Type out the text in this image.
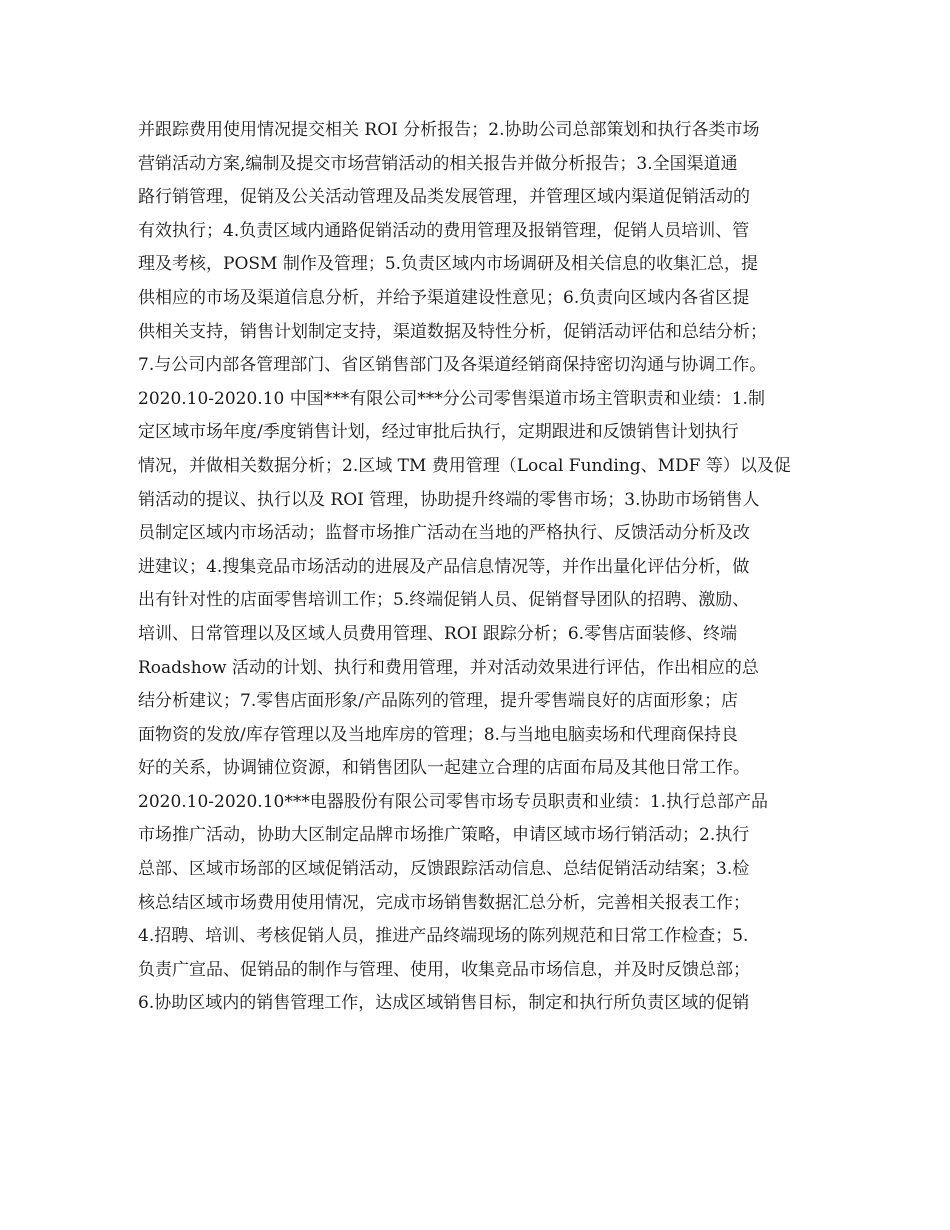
并跟踪费用使用情况提交相关 ROI 分析报告；2.协助公司总部策划和执行各类市场
营销活动方案,编制及提交市场营销活动的相关报告并做分析报告；3.全国渠道通
路行销管理，促销及公关活动管理及品类发展管理，并管理区域内渠道促销活动的
有效执行；4.负责区域内通路促销活动的费用管理及报销管理，促销人员培训、管
理及考核，POSM 制作及管理；5.负责区域内市场调研及相关信息的收集汇总，提
供相应的市场及渠道信息分析，并给予渠道建设性意见；6.负责向区域内各省区提
供相关支持，销售计划制定支持，渠道数据及特性分析，促销活动评估和总结分析；
7.与公司内部各管理部门、省区销售部门及各渠道经销商保持密切沟通与协调工作。
2020.10-2020.10 中国***有限公司***分公司零售渠道市场主管职责和业绩：1.制
定区域市场年度/季度销售计划，经过审批后执行，定期跟进和反馈销售计划执行
情况，并做相关数据分析；2.区域 TM 费用管理（Local Funding、MDF 等）以及促
销活动的提议、执行以及 ROI 管理，协助提升终端的零售市场；3.协助市场销售人
员制定区域内市场活动；监督市场推广活动在当地的严格执行、反馈活动分析及改
进建议；4.搜集竞品市场活动的进展及产品信息情况等，并作出量化评估分析，做
出有针对性的店面零售培训工作；5.终端促销人员、促销督导团队的招聘、激励、
培训、日常管理以及区域人员费用管理、ROI 跟踪分析；6.零售店面装修、终端
Roadshow 活动的计划、执行和费用管理，并对活动效果进行评估，作出相应的总
结分析建议；7.零售店面形象/产品陈列的管理，提升零售端良好的店面形象；店
面物资的发放/库存管理以及当地库房的管理；8.与当地电脑卖场和代理商保持良
好的关系，协调铺位资源，和销售团队一起建立合理的店面布局及其他日常工作。
2020.10-2020.10***电器股份有限公司零售市场专员职责和业绩：1.执行总部产品
市场推广活动，协助大区制定品牌市场推广策略，申请区域市场行销活动；2.执行
总部、区域市场部的区域促销活动，反馈跟踪活动信息、总结促销活动结案；3.检
核总结区域市场费用使用情况，完成市场销售数据汇总分析，完善相关报表工作；
4.招聘、培训、考核促销人员，推进产品终端现场的陈列规范和日常工作检查；5.
负责广宣品、促销品的制作与管理、使用，收集竞品市场信息，并及时反馈总部；
6.协助区域内的销售管理工作，达成区域销售目标，制定和执行所负责区域的促销
